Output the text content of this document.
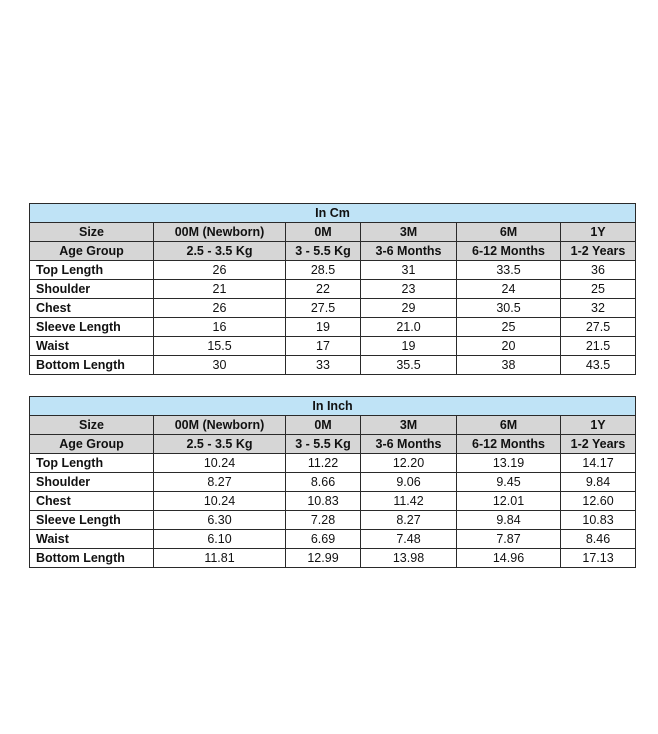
In Cm					
Size	00M (Newborn)	0M	3M	6M	1Y
Age Group	2.5 - 3.5 Kg	3 - 5.5 Kg	3-6 Months	6-12 Months	1-2 Years
Top Length	26	28.5	31	33.5	36
Shoulder	21	22	23	24	25
Chest	26	27.5	29	30.5	32
Sleeve Length	16	19	21.0	25	27.5
Waist	15.5	17	19	20	21.5
Bottom Length	30	33	35.5	38	43.5
In Inch					
Size	00M (Newborn)	0M	3M	6M	1Y
Age Group	2.5 - 3.5 Kg	3 - 5.5 Kg	3-6 Months	6-12 Months	1-2 Years
Top Length	10.24	11.22	12.20	13.19	14.17
Shoulder	8.27	8.66	9.06	9.45	9.84
Chest	10.24	10.83	11.42	12.01	12.60
Sleeve Length	6.30	7.28	8.27	9.84	10.83
Waist	6.10	6.69	7.48	7.87	8.46
Bottom Length	11.81	12.99	13.98	14.96	17.13
